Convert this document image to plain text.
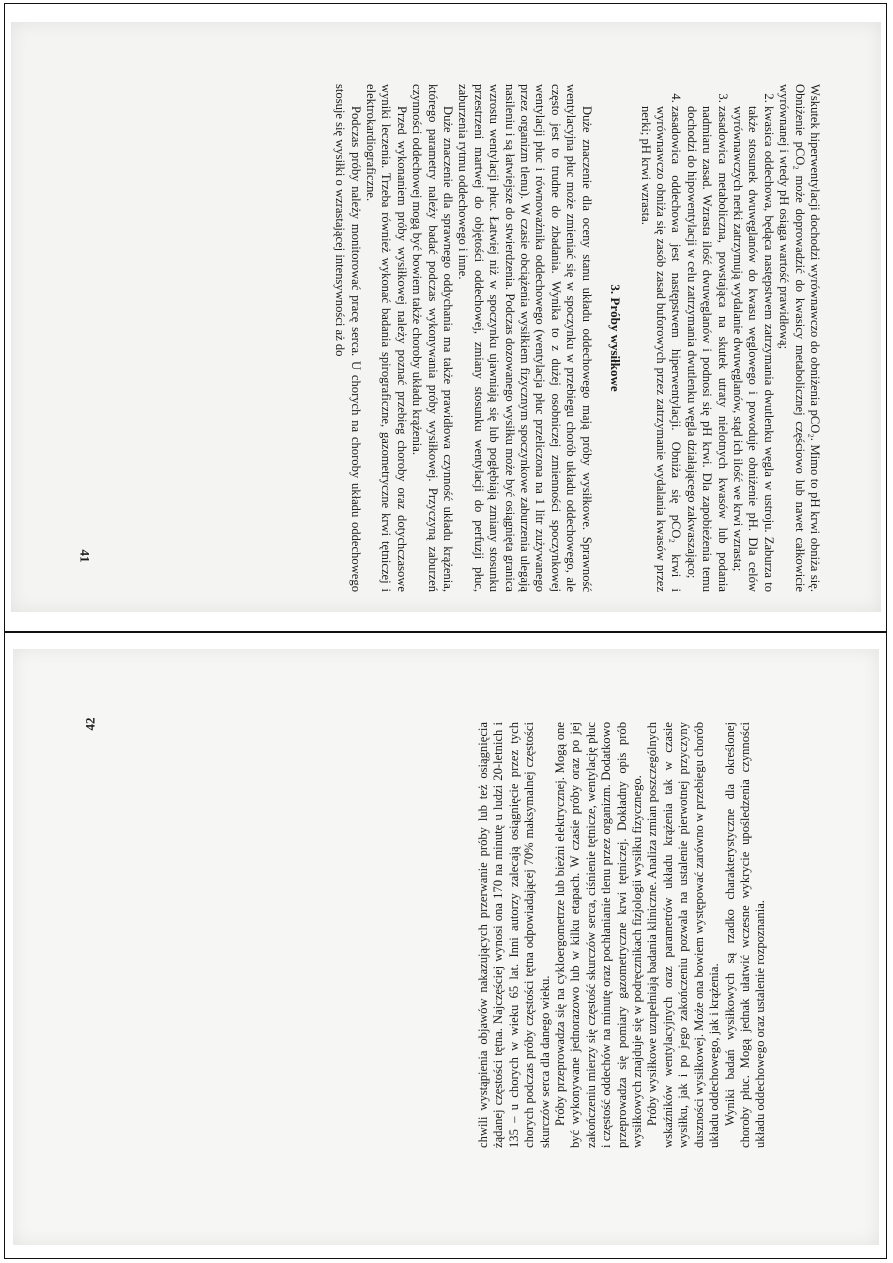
Wskutek hiperwentylacji dochodzi wyrównawczo do obniżenia pCO₂. Mimo to pH krwi obniża się. Obniżenie pCO₂ może doprowadzić do kwasicy metabolicznej częściowo lub nawet całkowicie wyrównanej i wtedy pH osiąga wartość prawidłową;

2. kwasica oddechowa, będąca następstwem zatrzymania dwutlenku węgla w ustroju. Zaburza to także stosunek dwuwęglanów do kwasu węglowego i powoduje obniżenie pH. Dla celów wyrównawczych nerki zatrzymują wydalanie dwuwęglanów, stąd ich ilość we krwi wzrasta;
3. zasadowica metaboliczna, powstająca na skutek utraty nielotnych kwasów lub podania nadmiaru zasad. Wzrasta ilość dwuwęglanów i podnosi się pH krwi. Dla zapobieżenia temu dochodzi do hipowentylacji w celu zatrzymania dwutlenku węgla działającego zakwaszająco;
4. zasadowica oddechowa jest następstwem hiperwentylacji. Obniża się pCO₂ krwi i wyrównawczo obniża się zasób zasad buforowych przez zatrzymanie wydalania kwasów przez nerki; pH krwi wzrasta.
3. Próby wysiłkowe

Duże znaczenie dla oceny stanu układu oddechowego mają próby wysiłkowe. Sprawność wentylacyjna płuc może zmieniać się w spoczynku w przebiegu chorób układu oddechowego, ale często jest to trudne do zbadania. Wynika to z dużej osobniczej zmienności spoczynkowej wentylacji płuc i równoważnika oddechowego (wentylacja płuc przeliczona na 1 litr zużywanego przez organizm tlenu). W czasie obciążenia wysiłkiem fizycznym spoczynkowe zaburzenia ulegają nasileniu i są łatwiejsze do stwierdzenia. Podczas dozowanego wysiłku może być osiągnięta granica wzrostu wentylacji płuc. Łatwiej niż w spoczynku ujawniają się lub pogłębiają zmiany stosunku przestrzeni martwej do objętości oddechowej, zmiany stosunku wentylacji do perfuzji płuc, zaburzenia rytmu oddechowego i inne.

Duże znaczenie dla sprawnego oddychania ma także prawidłowa czynność układu krążenia, którego parametry należy badać podczas wykonywania próby wysiłkowej. Przyczyną zaburzeń czynności oddechowej mogą być bowiem także choroby układu krążenia.

Przed wykonaniem próby wysiłkowej należy poznać przebieg choroby oraz dotychczasowe wyniki leczenia. Trzeba również wykonać badania spirograficzne, gazometryczne krwi tętniczej i elektrokardiograficzne.

Podczas próby należy monitorować pracę serca. U chorych na choroby układu oddechowego stosuje się wysiłki o wzrastającej intensywności aż do

41

chwili wystąpienia objawów nakazujących przerwanie próby lub też osiągnięcia żądanej częstości tętna. Najczęściej wynosi ona 170 na minutę u ludzi 20-letnich i 135 – u chorych w wieku 65 lat. Inni autorzy zalecają osiągnięcie przez tych chorych podczas próby częstości tętna odpowiadającej 70% maksymalnej częstości skurczów serca dla danego wieku. Próby przeprowadza się na cykloergometrze lub bieżni elektrycznej. Mogą one być wykonywane jednorazowo lub w kilku etapach. W czasie próby oraz po jej zakończeniu mierzy się częstość skurczów serca, ciśnienie tętnicze, wentylację płuc i częstość oddechów na minutę oraz pochłanianie tlenu przez organizm. Dodatkowo przeprowadza się pomiary gazometryczne krwi tętniczej. Dokładny opis prób wysiłkowych znajduje się w podręcznikach fizjologii wysiłku fizycznego. Próby wysiłkowe uzupełniają badania kliniczne. Analiza zmian poszczególnych wskaźników wentylacyjnych oraz parametrów układu krążenia tak w czasie wysiłku, jak i po jego zakończeniu pozwala na ustalenie pierwotnej przyczyny duszności wysiłkowej. Może ona bowiem występować zarówno w przebiegu chorób układu oddechowego, jak i krążenia. Wyniki badań wysiłkowych są rzadko charakterystyczne dla określonej choroby płuc. Mogą jednak ułatwić wczesne wykrycie upośledzenia czynności układu oddechowego oraz ustalenie rozpoznania.

42
